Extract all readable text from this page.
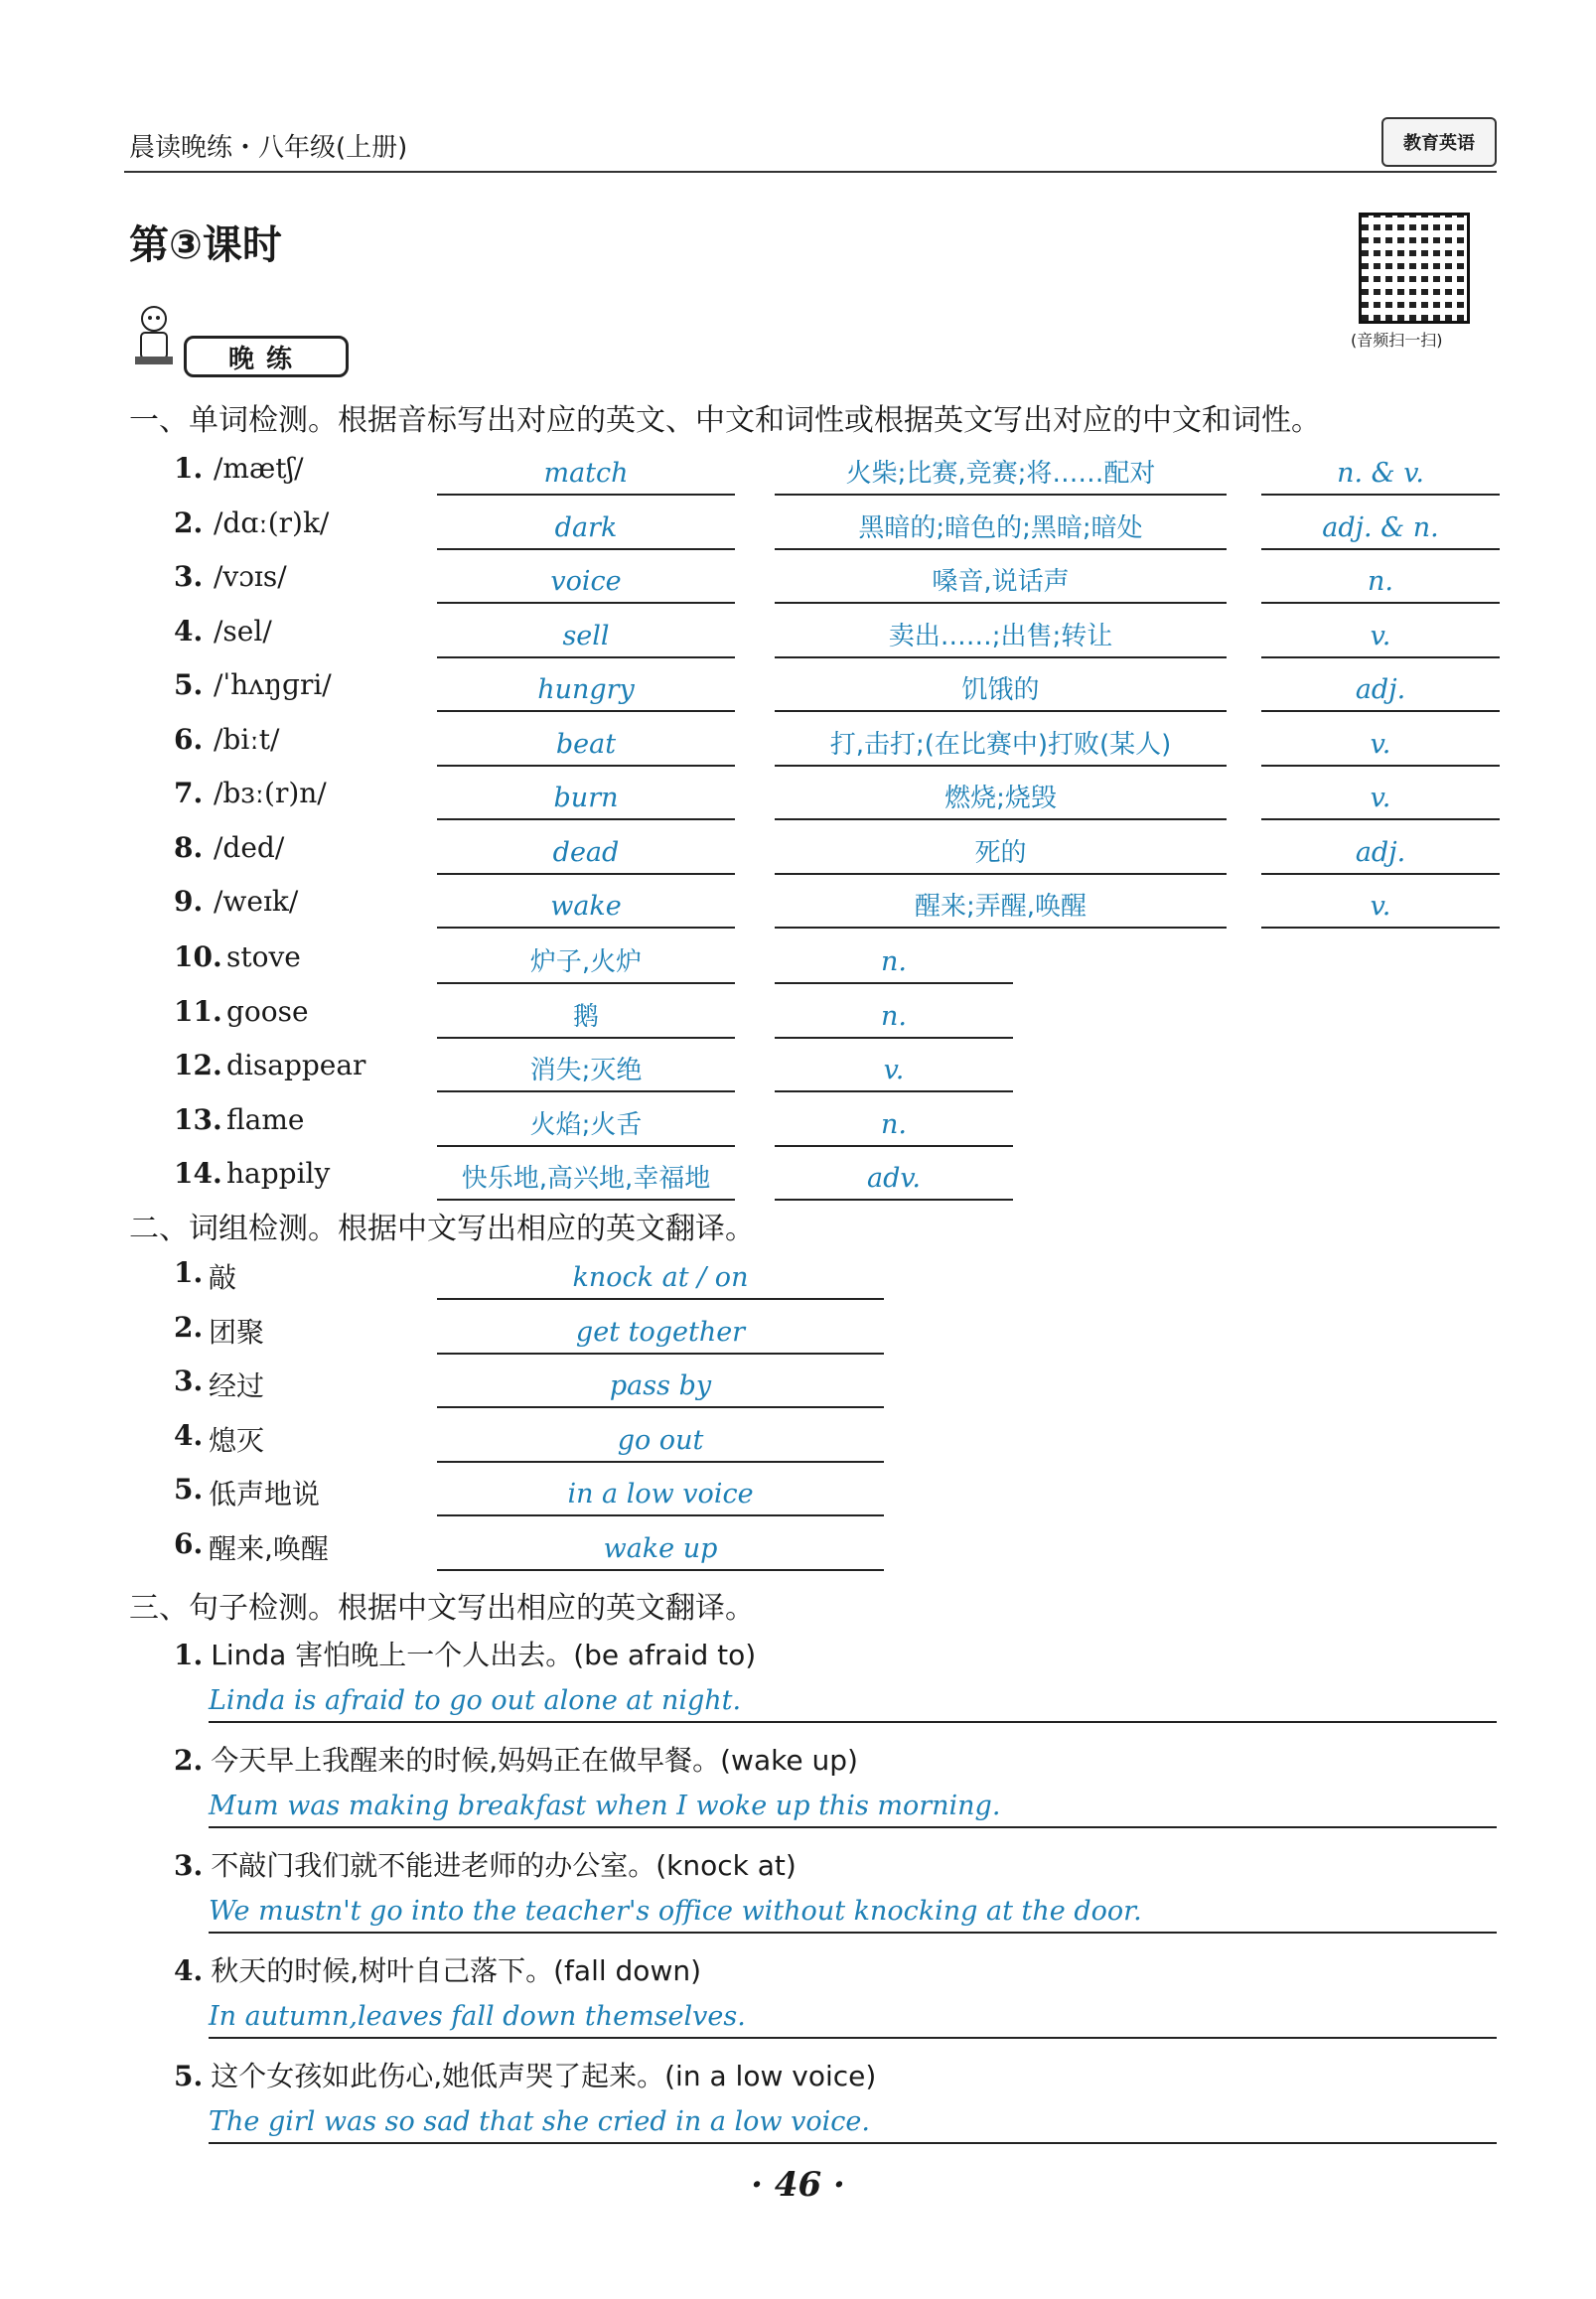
晨读晚练・八年级(上册)	教育英语
第③课时
(音频扫一扫)
晚练
一、单词检测。根据音标写出对应的英文、中文和词性或根据英文写出对应的中文和词性。
1. /mætʃ/	match	火柴;比赛,竞赛;将……配对	n. & v.
2. /dɑː(r)k/	dark	黑暗的;暗色的;黑暗;暗处	adj. & n.
3. /vɔɪs/	voice	嗓音,说话声	n.
4. /sel/	sell	卖出……;出售;转让	v.
5. /ˈhʌŋɡri/	hungry	饥饿的	adj.
6. /biːt/	beat	打,击打;(在比赛中)打败(某人)	v.
7. /bɜː(r)n/	burn	燃烧;烧毁	v.
8. /ded/	dead	死的	adj.
9. /weɪk/	wake	醒来;弄醒,唤醒	v.
10. stove	炉子,火炉	n.
11. goose	鹅	n.
12. disappear	消失;灭绝	v.
13. flame	火焰;火舌	n.
14. happily	快乐地,高兴地,幸福地	adv.
二、词组检测。根据中文写出相应的英文翻译。
1. 敲	knock at / on
2. 团聚	get together
3. 经过	pass by
4. 熄灭	go out
5. 低声地说	in a low voice
6. 醒来,唤醒	wake up
三、句子检测。根据中文写出相应的英文翻译。
1. Linda 害怕晚上一个人出去。(be afraid to)
Linda is afraid to go out alone at night.
2. 今天早上我醒来的时候,妈妈正在做早餐。(wake up)
Mum was making breakfast when I woke up this morning.
3. 不敲门我们就不能进老师的办公室。(knock at)
We mustn't go into the teacher's office without knocking at the door.
4. 秋天的时候,树叶自己落下。(fall down)
In autumn,leaves fall down themselves.
5. 这个女孩如此伤心,她低声哭了起来。(in a low voice)
The girl was so sad that she cried in a low voice.
· 46 ·
